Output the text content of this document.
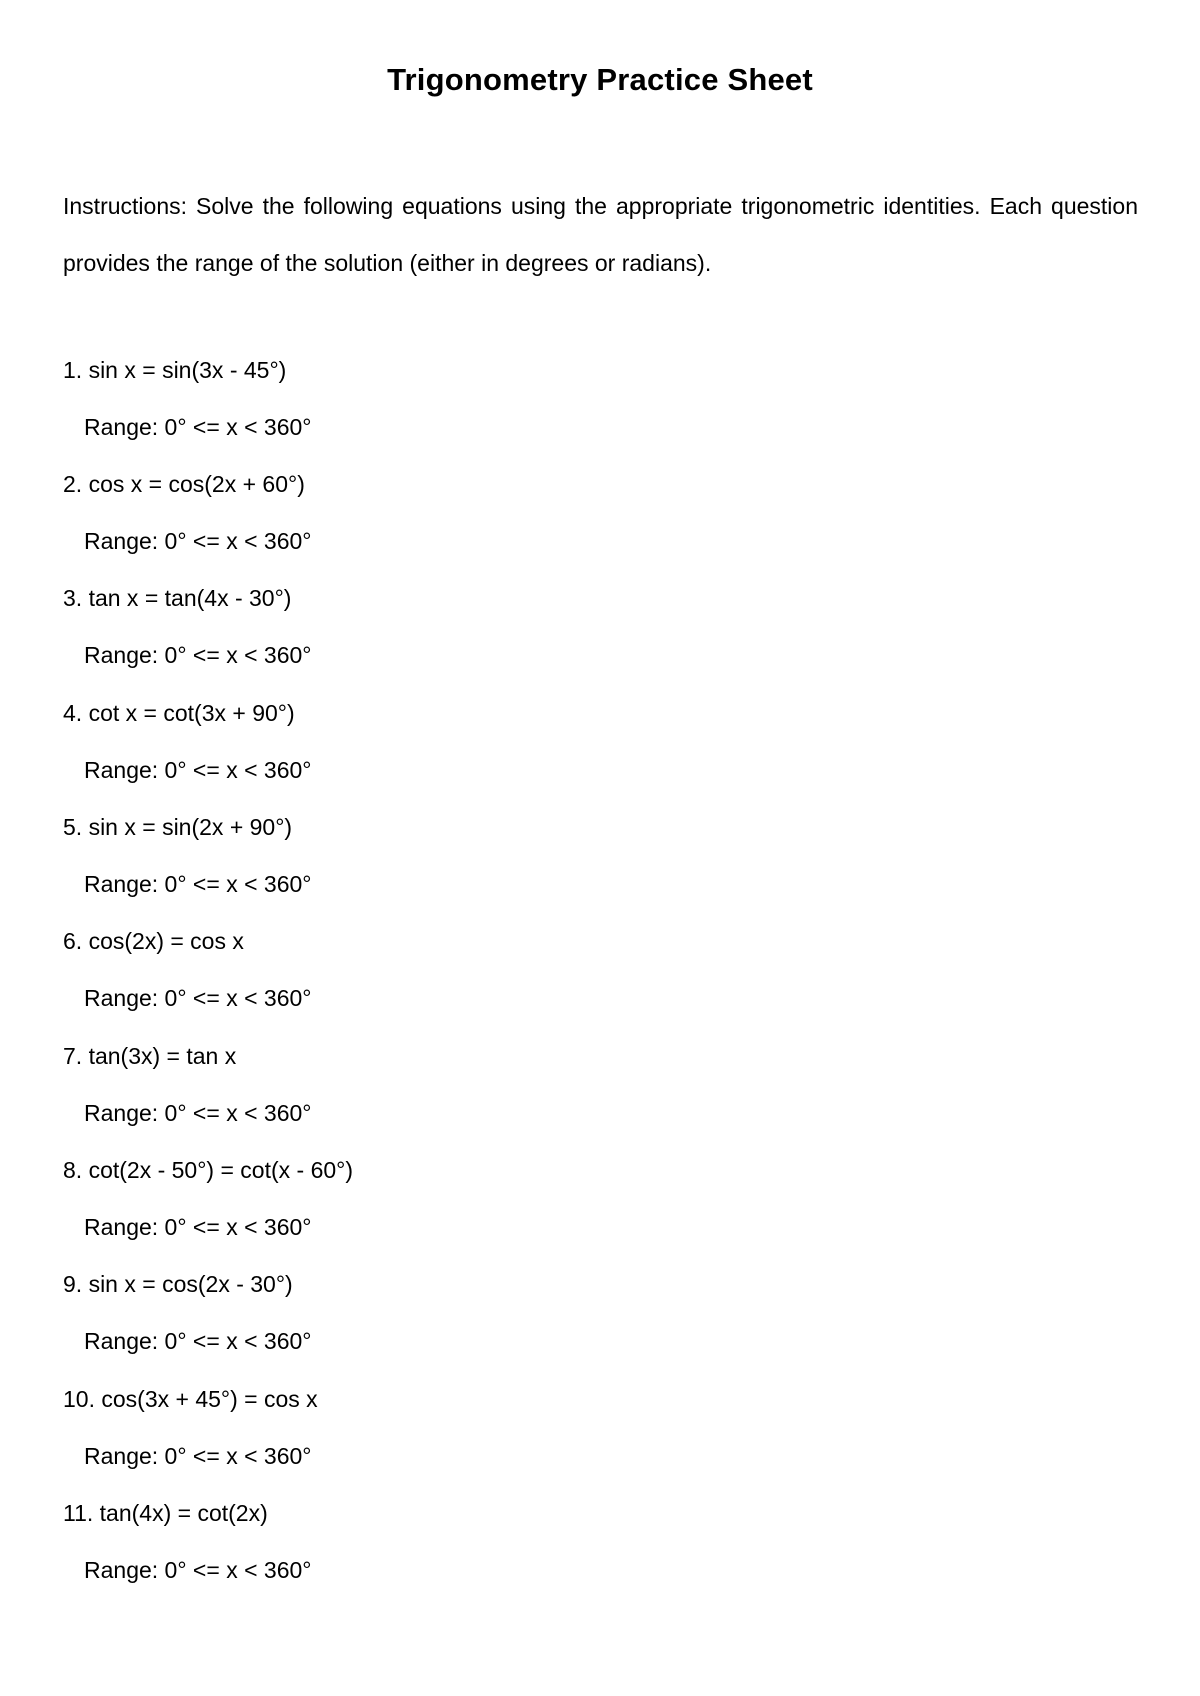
Trigonometry Practice Sheet
Instructions: Solve the following equations using the appropriate trigonometric identities. Each question provides the range of the solution (either in degrees or radians).
1. sin x = sin(3x - 45°)
Range: 0° <= x < 360°
2. cos x = cos(2x + 60°)
Range: 0° <= x < 360°
3. tan x = tan(4x - 30°)
Range: 0° <= x < 360°
4. cot x = cot(3x + 90°)
Range: 0° <= x < 360°
5. sin x = sin(2x + 90°)
Range: 0° <= x < 360°
6. cos(2x) = cos x
Range: 0° <= x < 360°
7. tan(3x) = tan x
Range: 0° <= x < 360°
8. cot(2x - 50°) = cot(x - 60°)
Range: 0° <= x < 360°
9. sin x = cos(2x - 30°)
Range: 0° <= x < 360°
10. cos(3x + 45°) = cos x
Range: 0° <= x < 360°
11. tan(4x) = cot(2x)
Range: 0° <= x < 360°
